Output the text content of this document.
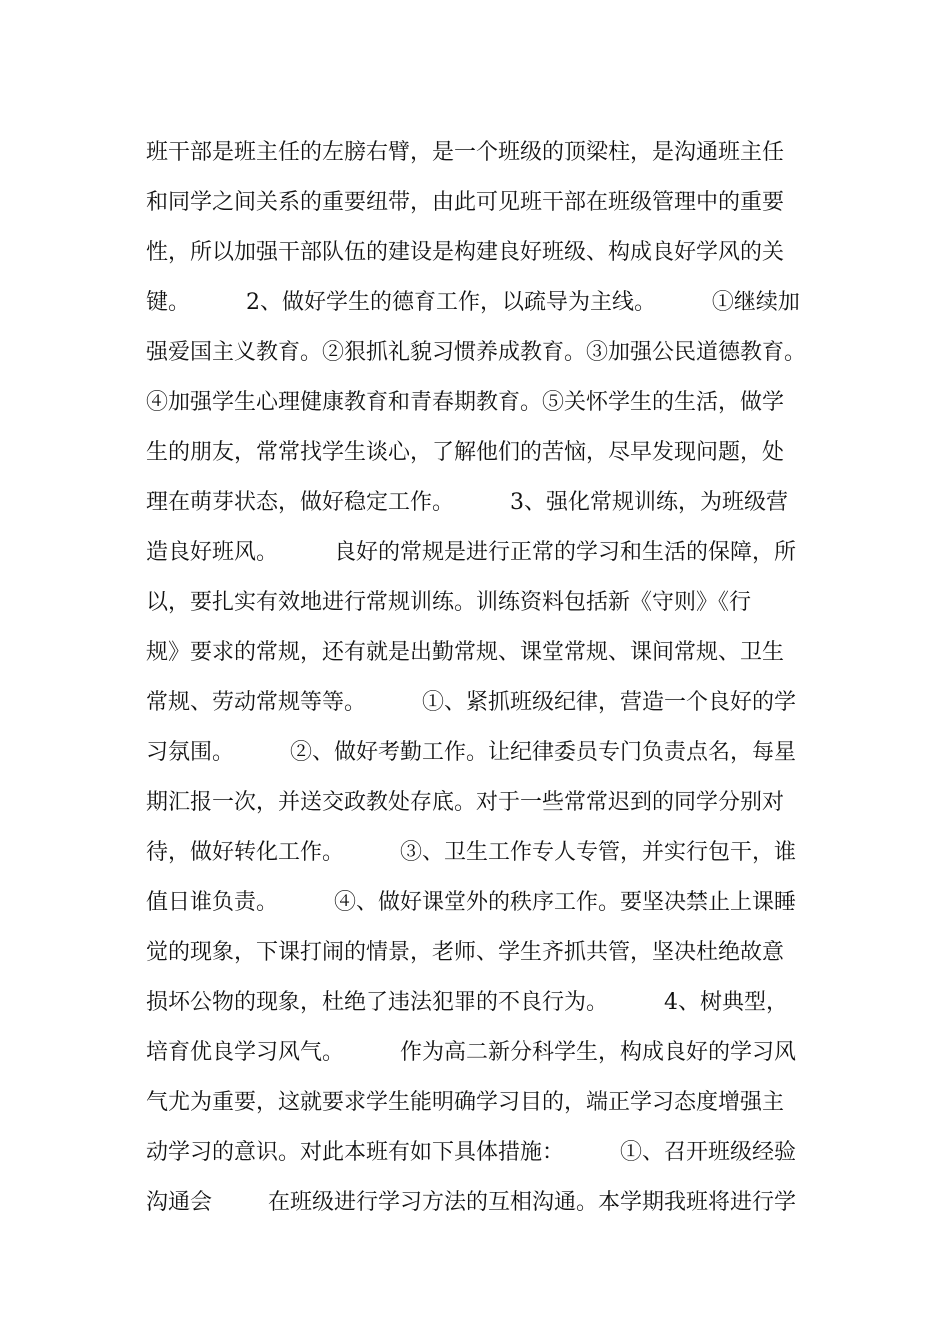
班干部是班主任的左膀右臂，是一个班级的顶梁柱，是沟通班主任
和同学之间关系的重要纽带，由此可见班干部在班级管理中的重要
性，所以加强干部队伍的建设是构建良好班级、构成良好学风的关
键。        2、做好学生的德育工作，以疏导为主线。        ①继续加
强爱国主义教育。②狠抓礼貌习惯养成教育。③加强公民道德教育。
④加强学生心理健康教育和青春期教育。⑤关怀学生的生活，做学
生的朋友，常常找学生谈心，了解他们的苦恼，尽早发现问题，处
理在萌芽状态，做好稳定工作。        3、强化常规训练，为班级营
造良好班风。        良好的常规是进行正常的学习和生活的保障，所
以，要扎实有效地进行常规训练。训练资料包括新《守则》《行
规》要求的常规，还有就是出勤常规、课堂常规、课间常规、卫生
常规、劳动常规等等。        ①、紧抓班级纪律，营造一个良好的学
习氛围。        ②、做好考勤工作。让纪律委员专门负责点名，每星
期汇报一次，并送交政教处存底。对于一些常常迟到的同学分别对
待，做好转化工作。        ③、卫生工作专人专管，并实行包干，谁
值日谁负责。        ④、做好课堂外的秩序工作。要坚决禁止上课睡
觉的现象，下课打闹的情景，老师、学生齐抓共管，坚决杜绝故意
损坏公物的现象，杜绝了违法犯罪的不良行为。        4、树典型，
培育优良学习风气。        作为高二新分科学生，构成良好的学习风
气尤为重要，这就要求学生能明确学习目的，端正学习态度增强主
动学习的意识。对此本班有如下具体措施：        ①、召开班级经验
沟通会        在班级进行学习方法的互相沟通。本学期我班将进行学
